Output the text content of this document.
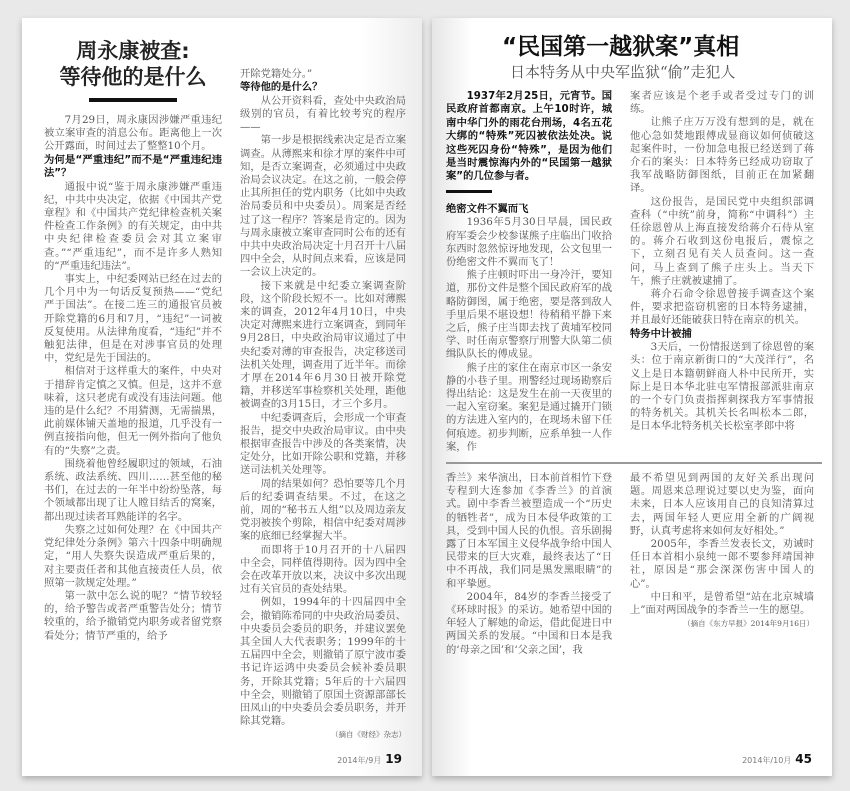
周永康被查:
等待他的是什么

7月29日，周永康因涉嫌严重违纪被立案审查的消息公布。距离他上一次公开露面，时间过去了整整10个月。

为何是“严重违纪”而不是“严重违纪违法”？

通报中说“鉴于周永康涉嫌严重违纪，中共中央决定，依据《中国共产党章程》和《中国共产党纪律检查机关案件检查工作条例》的有关规定，由中共中央纪律检查委员会对其立案审查。”“严重违纪”，而不是许多人熟知的“严重违纪违法”。

事实上，中纪委网站已经在过去的几个月中为一句话反复预热——“党纪严于国法”。在接二连三的通报官员被开除党籍的6月和7月，“违纪”一词被反复使用。从法律角度看，“违纪”并不触犯法律，但是在对涉事官员的处理中，党纪是先于国法的。

相信对于这样重大的案件，中央对于措辞肯定慎之又慎。但是，这并不意味着，这只老虎有或没有违法问题。他违的是什么纪？不用猜测，无需揣黑，此前媒体铺天盖地的报道，几乎没有一例直接指向他，但无一例外指向了他负有的“失察”之责。

围绕着他曾经履职过的领域，石油系统、政法系统、四川……甚至他的秘书们，在过去的一年半中纷纷坠落，每个领域都出现了让人瞠目结舌的窝案，都出现过读者耳熟能详的名字。

失察之过如何处理？在《中国共产党纪律处分条例》第六十四条中明确规定，“用人失察失误造成严重后果的，对主要责任者和其他直接责任人员，依照第一款规定处理。”

第一款中怎么说的呢？“情节较轻的，给予警告或者严重警告处分；情节较重的，给予撤销党内职务或者留党察看处分；情节严重的，给予

开除党籍处分。”

等待他的是什么？

从公开资料看，查处中央政治局级别的官员，有着比较考究的程序——

第一步是根据线索决定是否立案调查。从薄熙来和徐才厚的案件中可知，是否立案调查，必须通过中央政治局会议决定。在这之前，一般会停止其所担任的党内职务（比如中央政治局委员和中央委员）。周案是否经过了这一程序？答案是肯定的。因为与周永康被立案审查同时公布的还有中共中央政治局决定十月召开十八届四中全会，从时间点来看，应该是同一会议上决定的。

接下来就是中纪委立案调查阶段，这个阶段长短不一。比如对薄熙来的调查，2012年4月10日，中央决定对薄熙来进行立案调查，到同年9月28日，中央政治局审议通过了中央纪委对薄的审查报告，决定移送司法机关处理，调查用了近半年。而徐才厚在2014年6月30日被开除党籍，并移送军事检察机关处理，距他被调查的3月15日，才三个多月。

中纪委调查后，会形成一个审查报告，提交中央政治局审议。由中央根据审查报告中涉及的各类案情，决定处分，比如开除公职和党籍，并移送司法机关处理等。

周的结果如何？恐怕要等几个月后的纪委调查结果。不过，在这之前，周的“秘书五人组”以及周边亲友党羽被挨个剪除，相信中纪委对周涉案的底细已经掌握大半。

而即将于10月召开的十八届四中全会，同样值得期待。因为四中全会在改革开放以来，决议中多次出现过有关官员的查处结果。

例如，1994年的十四届四中全会，撤销陈希同的中央政治局委员、中央委员会委员的职务，并建议罢免其全国人大代表职务；1999年的十五届四中全会，则撤销了原宁波市委书记许运鸿中央委员会候补委员职务，开除其党籍；5年后的十六届四中全会，则撤销了原国土资源部部长田凤山的中央委员会委员职务，并开除其党籍。

（摘自《财经》杂志）

2014年/9月 19
“民国第一越狱案”真相
日本特务从中央军监狱“偷”走犯人

1937年2月25日，元宵节。国民政府首都南京。上午10时许，城南中华门外的雨花台刑场，4名五花大绑的“特殊”死囚被依法处决。说这些死囚身份“特殊”，是因为他们是当时震惊海内外的“民国第一越狱案”的几位参与者。

绝密文件不翼而飞

1936年5月30日早晨，国民政府军委会少校参谋熊子庄临出门收拾东西时忽然惊讶地发现，公文包里一份绝密文件不翼而飞了！

熊子庄顿时吓出一身冷汗，要知道，那份文件是整个国民政府军的战略防御图，属于绝密，要是落到敌人手里后果不堪设想！待稍稍平静下来之后，熊子庄当即去找了黄埔军校同学、时任南京警察厅刑警大队第二侦缉队队长的傅成显。

熊子庄的家住在南京市区一条安静的小巷子里。刑警经过现场勘察后得出结论：这是发生在前一天夜里的一起入室窃案。案犯是通过撬开门锁的方法进入室内的，在现场未留下任何痕迹。初步判断，应系单独一人作案，作

案者应该是个老手或者受过专门的训练。

让熊子庄万万没有想到的是，就在他心急如焚地跟傅成显商议如何侦破这起案件时，一份加急电报已经送到了蒋介石的案头：日本特务已经成功窃取了我军战略防御图纸，目前正在加紧翻译。

这份报告，是国民党中央组织部调查科（“中统”前身，简称“中调科”）主任徐恩曾从上海直接发给蒋介石侍从室的。蒋介石收到这份电报后，震惊之下，立刻召见有关人员查问。这一查问，马上查到了熊子庄头上。当天下午，熊子庄就被逮捕了。

蒋介石命令徐恩曾接手调查这个案件，要求把盗窃机密的日本特务逮捕，并且最好还能破获日特在南京的机关。

特务中计被捕

3天后，一份情报送到了徐恩曾的案头：位于南京新街口的“大茂洋行”，名义上是日本籍朝鲜商人朴中民所开，实际上是日本华北驻屯军情报部派驻南京的一个专门负责指挥刺探我方军事情报的特务机关。其机关长名叫松本二郎，是日本华北特务机关长松室孝郎中将

香兰》来华演出，日本前首相竹下登专程到大连参加《李香兰》的首演式。剧中李香兰被塑造成一个“历史的牺牲者”，成为日本侵华政策的工具，受到中国人民的仇恨。音乐剧揭露了日本军国主义侵华战争给中国人民带来的巨大灾难，最终表达了“日中不再战，我们同是黑发黑眼睛”的和平挚愿。

2004年，84岁的李香兰接受了《环球时报》的采访。她希望中国的年轻人了解她的命运，借此促进日中两国关系的发展。“中国和日本是我的‘母亲之国’和‘父亲之国’，我

最不希望见到两国的友好关系出现问题。周恩来总理说过要以史为鉴，面向未来，日本人应该用自己的良知清算过去，两国年轻人更应用全新的广阔视野，认真考虑将来如何友好相处。”

2005年，李香兰发表长文，劝诫时任日本首相小泉纯一郎不要参拜靖国神社，原因是“那会深深伤害中国人的心”。

中日和平，是曾希望“站在北京城墙上”面对两国战争的李香兰一生的愿望。

（摘自《东方早报》2014年9月16日）

2014年/10月 45
